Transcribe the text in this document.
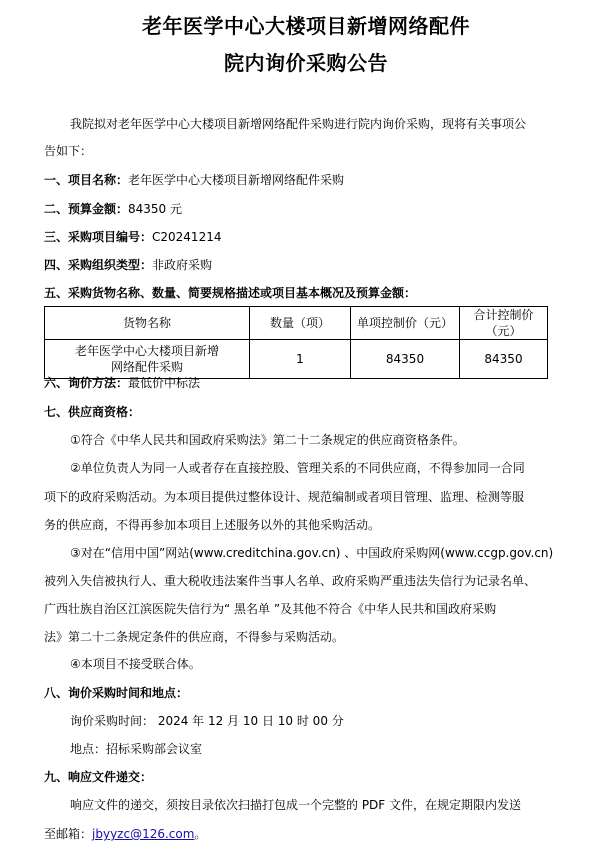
老年医学中心大楼项目新增网络配件
院内询价采购公告
我院拟对老年医学中心大楼项目新增网络配件采购进行院内询价采购，现将有关事项公
告如下：
一、项目名称：老年医学中心大楼项目新增网络配件采购
二、预算金额：84350 元
三、采购项目编号：C20241214
四、采购组织类型：非政府采购
五、采购货物名称、数量、简要规格描述或项目基本概况及预算金额：
货物名称	数量（项）	单项控制价（元）	合计控制价（元）

老年医学中心大楼项目新增
网络配件采购	1	84350	84350
六、询价方法：最低价中标法
七、供应商资格：
①符合《中华人民共和国政府采购法》第二十二条规定的供应商资格条件。
②单位负责人为同一人或者存在直接控股、管理关系的不同供应商，不得参加同一合同
项下的政府采购活动。为本项目提供过整体设计、规范编制或者项目管理、监理、检测等服
务的供应商，不得再参加本项目上述服务以外的其他采购活动。
③对在“信用中国”网站(www.creditchina.gov.cn) 、中国政府采购网(www.ccgp.gov.cn)
被列入失信被执行人、重大税收违法案件当事人名单、政府采购严重违法失信行为记录名单、
广西壮族自治区江滨医院失信行为“ 黑名单 ”及其他不符合《中华人民共和国政府采购
法》第二十二条规定条件的供应商，不得参与采购活动。
④本项目不接受联合体。
八、询价采购时间和地点：
询价采购时间： 2024 年 12 月 10 日 10 时 00 分
地点：招标采购部会议室
九、响应文件递交：
响应文件的递交，须按目录依次扫描打包成一个完整的 PDF 文件，在规定期限内发送
至邮箱：jbyyzc@126.com。
